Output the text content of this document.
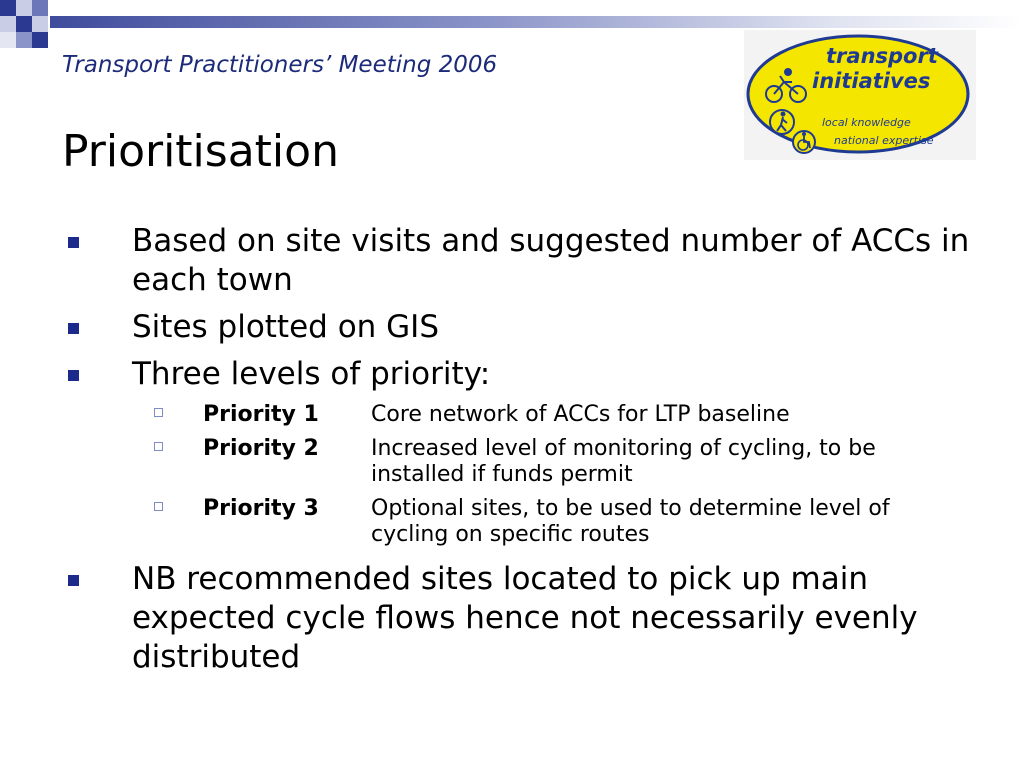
Transport Practitioners’ Meeting 2006
Prioritisation
transport
initiatives
local knowledge
national expertise
Based on site visits and suggested number of ACCs in each town
Sites plotted on GIS
Three levels of priority:
Priority 1	Core network of ACCs for LTP baseline
Priority 2	Increased level of monitoring of cycling, to be installed if funds permit
Priority 3	Optional sites, to be used to determine level of cycling on specific routes
NB recommended sites located to pick up main expected cycle flows hence not necessarily evenly distributed
